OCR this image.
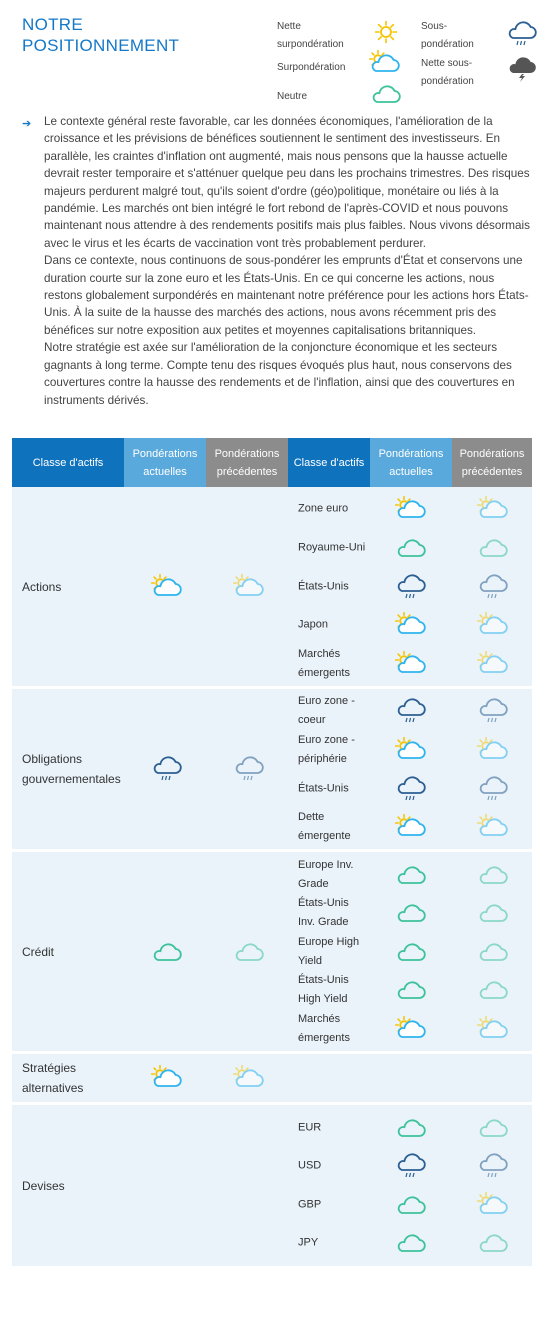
NOTRE POSITIONNEMENT
Nette
surpondération
Surpondération
Neutre
Sous-
pondération
Nette sous-
pondération
➔ Le contexte général reste favorable, car les données économiques, l'amélioration de la croissance et les prévisions de bénéfices soutiennent le sentiment des investisseurs. En parallèle, les craintes d'inflation ont augmenté, mais nous pensons que la hausse actuelle devrait rester temporaire et s'atténuer quelque peu dans les prochains trimestres. Des risques majeurs perdurent malgré tout, qu'ils soient d'ordre (géo)politique, monétaire ou liés à la pandémie. Les marchés ont bien intégré le fort rebond de l'après-COVID et nous pouvons maintenant nous attendre à des rendements positifs mais plus faibles. Nous vivons désormais avec le virus et les écarts de vaccination vont très probablement perdurer.

Dans ce contexte, nous continuons de sous-pondérer les emprunts d'État et conservons une duration courte sur la zone euro et les États-Unis. En ce qui concerne les actions, nous restons globalement surpondérés en maintenant notre préférence pour les actions hors États-Unis. À la suite de la hausse des marchés des actions, nous avons récemment pris des bénéfices sur notre exposition aux petites et moyennes capitalisations britanniques.

Notre stratégie est axée sur l'amélioration de la conjoncture économique et les secteurs gagnants à long terme. Compte tenu des risques évoqués plus haut, nous conservons des couvertures contre la hausse des rendements et de l'inflation, ainsi que des couvertures en instruments dérivés.

Classe d'actifs
Pondérations
actuelles
Pondérations
précédentes
Classe d'actifs
Pondérations
actuelles
Pondérations
précédentes
Actions
Zone euro
Royaume-Uni
États-Unis
Japon
Marchés
émergents
Obligations
gouvernementales
Euro zone -
coeur
Euro zone -
périphérie
États-Unis
Dette
émergente
Crédit
Europe Inv.
Grade
États-Unis
Inv. Grade
Europe High
Yield
États-Unis
High Yield
Marchés
émergents
Stratégies
alternatives
Devises
EUR
USD
GBP
JPY
